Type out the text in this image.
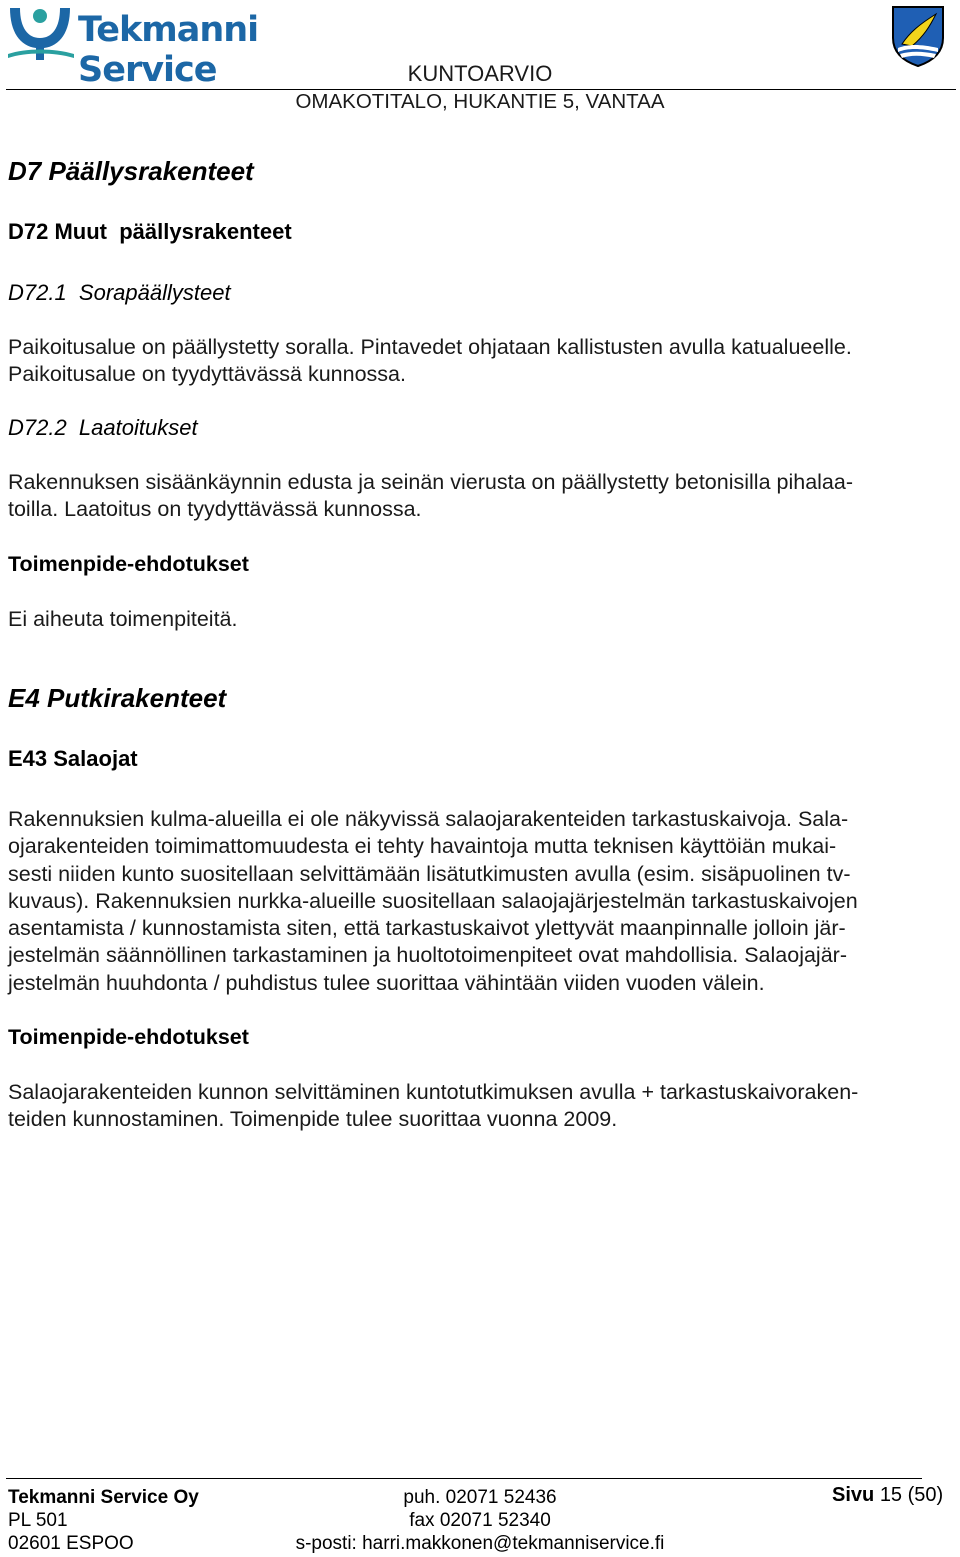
Tekmanni Service	KUNTOARVIO
OMAKOTITALO, HUKANTIE 5, VANTAA
D7 Päällysrakenteet
D72 Muut  päällysrakenteet
D72.1  Sorapäällysteet
Paikoitusalue on päällystetty soralla. Pintavedet ohjataan kallistusten avulla katualueelle. Paikoitusalue on tyydyttävässä kunnossa.
D72.2  Laatoitukset
Rakennuksen sisäänkäynnin edusta ja seinän vierusta on päällystetty betonisilla pihalaa-
toilla. Laatoitus on tyydyttävässä kunnossa.
Toimenpide-ehdotukset
Ei aiheuta toimenpiteitä.
E4 Putkirakenteet
E43 Salaojat
Rakennuksien kulma-alueilla ei ole näkyvissä salaojarakenteiden tarkastuskaivoja. Sala-
ojarakenteiden toimimattomuudesta ei tehty havaintoja mutta teknisen käyttöiän mukai-
sesti niiden kunto suositellaan selvittämään lisätutkimusten avulla (esim. sisäpuolinen tv-
kuvaus). Rakennuksien nurkka-alueille suositellaan salaojajärjestelmän tarkastuskaivojen
asentamista / kunnostamista siten, että tarkastuskaivot ylettyvät maanpinnalle jolloin jär-
jestelmän säännöllinen tarkastaminen ja huoltotoimenpiteet ovat mahdollisia. Salaojajär-
jestelmän huuhdonta / puhdistus tulee suorittaa vähintään viiden vuoden välein.
Toimenpide-ehdotukset
Salaojarakenteiden kunnon selvittäminen kuntotutkimuksen avulla + tarkastuskaivoraken-
teiden kunnostaminen. Toimenpide tulee suorittaa vuonna 2009.
Tekmanni Service Oy
PL 501
02601 ESPOO
puh. 02071 52436
fax 02071 52340
s-posti: harri.makkonen@tekmanniservice.fi
Sivu 15 (50)
